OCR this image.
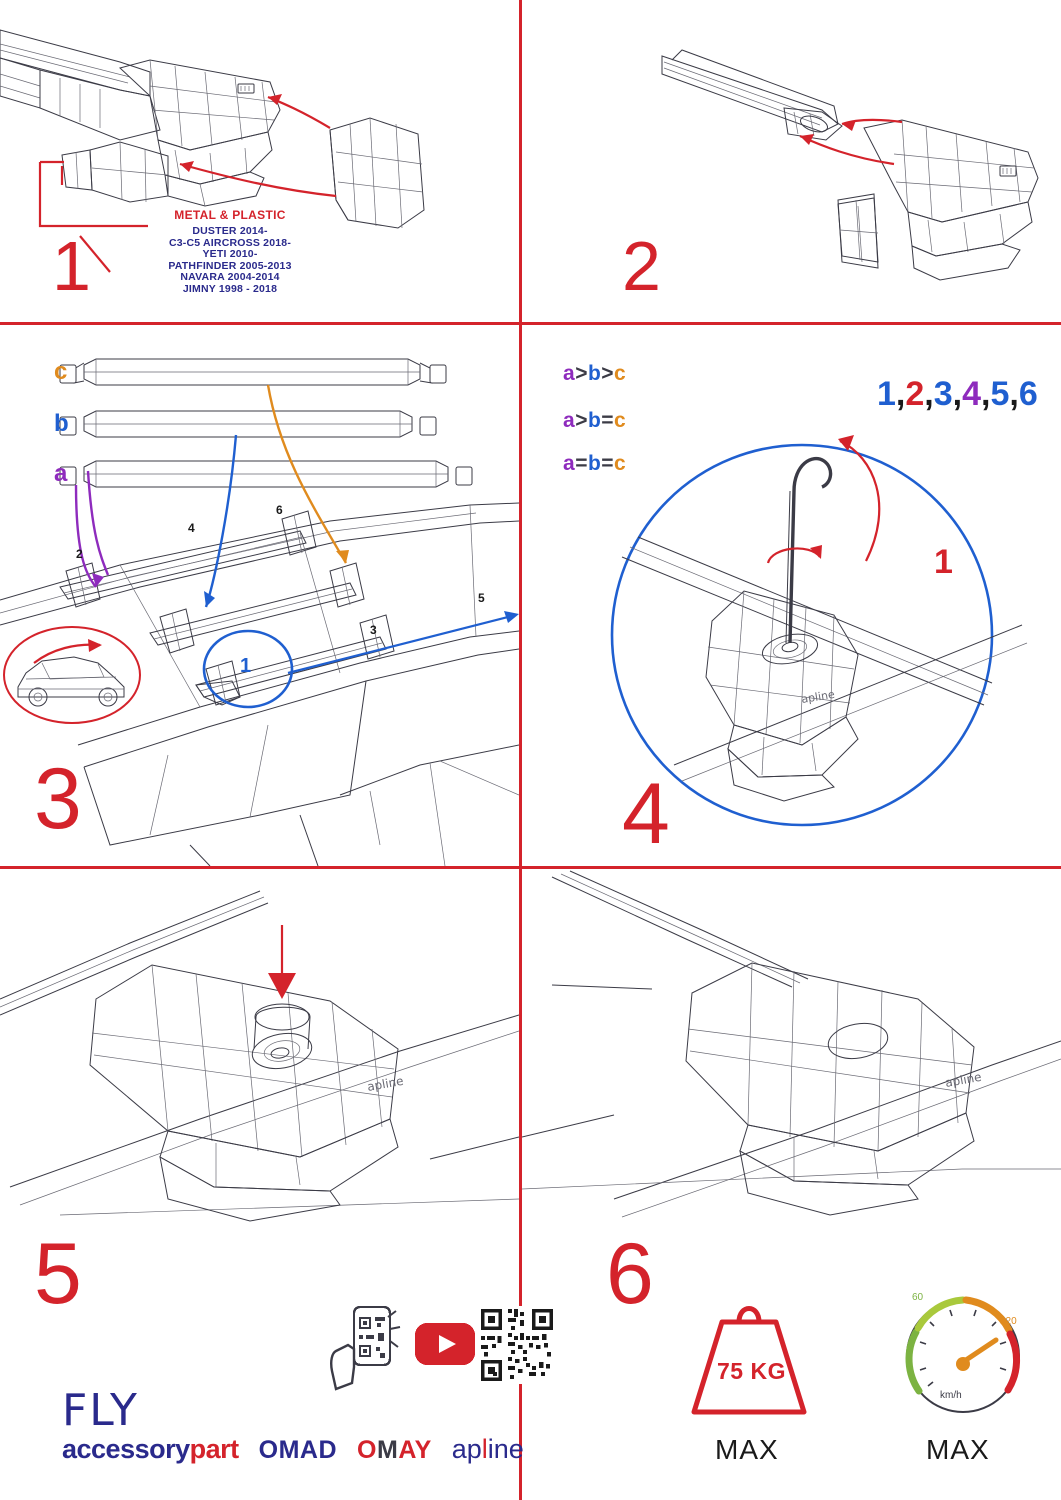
METAL & PLASTIC
DUSTER 2014-
C3-C5 AIRCROSS 2018-
YETI 2010-
PATHFINDER 2005-2013
NAVARA 2004-2014
JIMNY 1998 - 2018
1	2
c
b
a
2
4
6
3
5
1
3
a>b>c
a>b=c
a=b=c
apline
1,2,3,4,5,6
1
4
apline	apline
5
FLY
accessorypart OMAD OMAY apline
6
75 KG
MAX
60
120
km/h
MAX
